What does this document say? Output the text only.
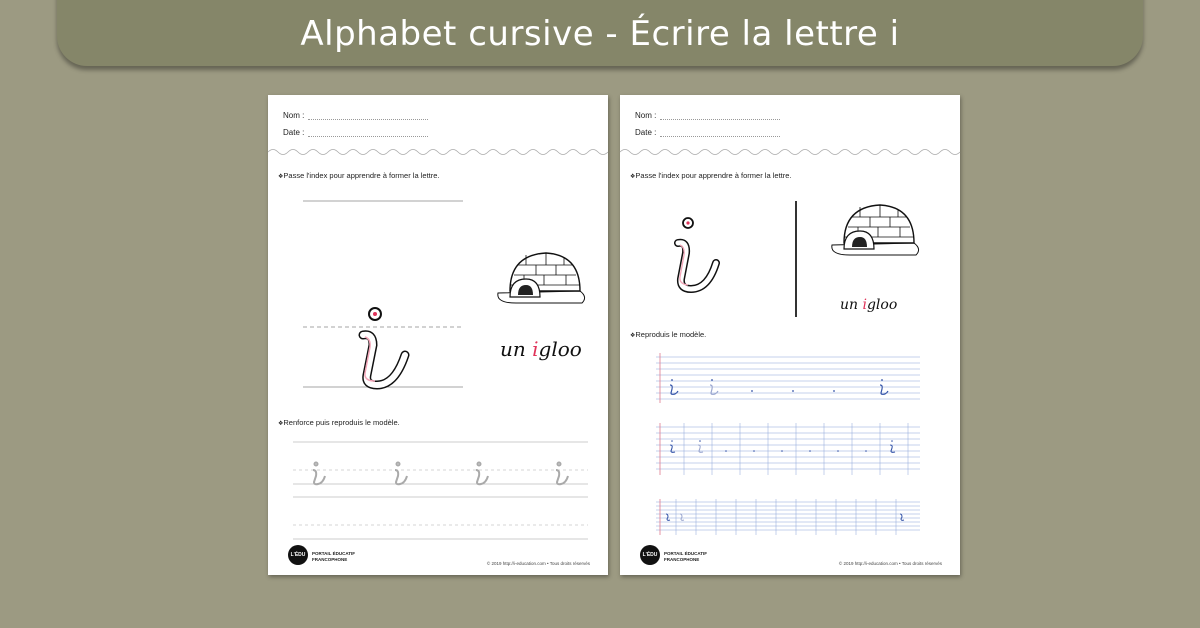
Alphabet cursive - Écrire la lettre i
Nom :
Date :
❖ Passe l'index pour apprendre à former la lettre.
un igloo
❖ Renforce puis reproduis le modèle.
L'ÉDU	PORTAIL ÉDUCATIF
FRANCOPHONE
© 2019 http://i-education.com • Tous droits réservés
Nom :
Date :
❖ Passe l'index pour apprendre à former la lettre.
un igloo
❖ Reproduis le modèle.
L'ÉDU	PORTAIL ÉDUCATIF
FRANCOPHONE
© 2019 http://i-education.com • Tous droits réservés
